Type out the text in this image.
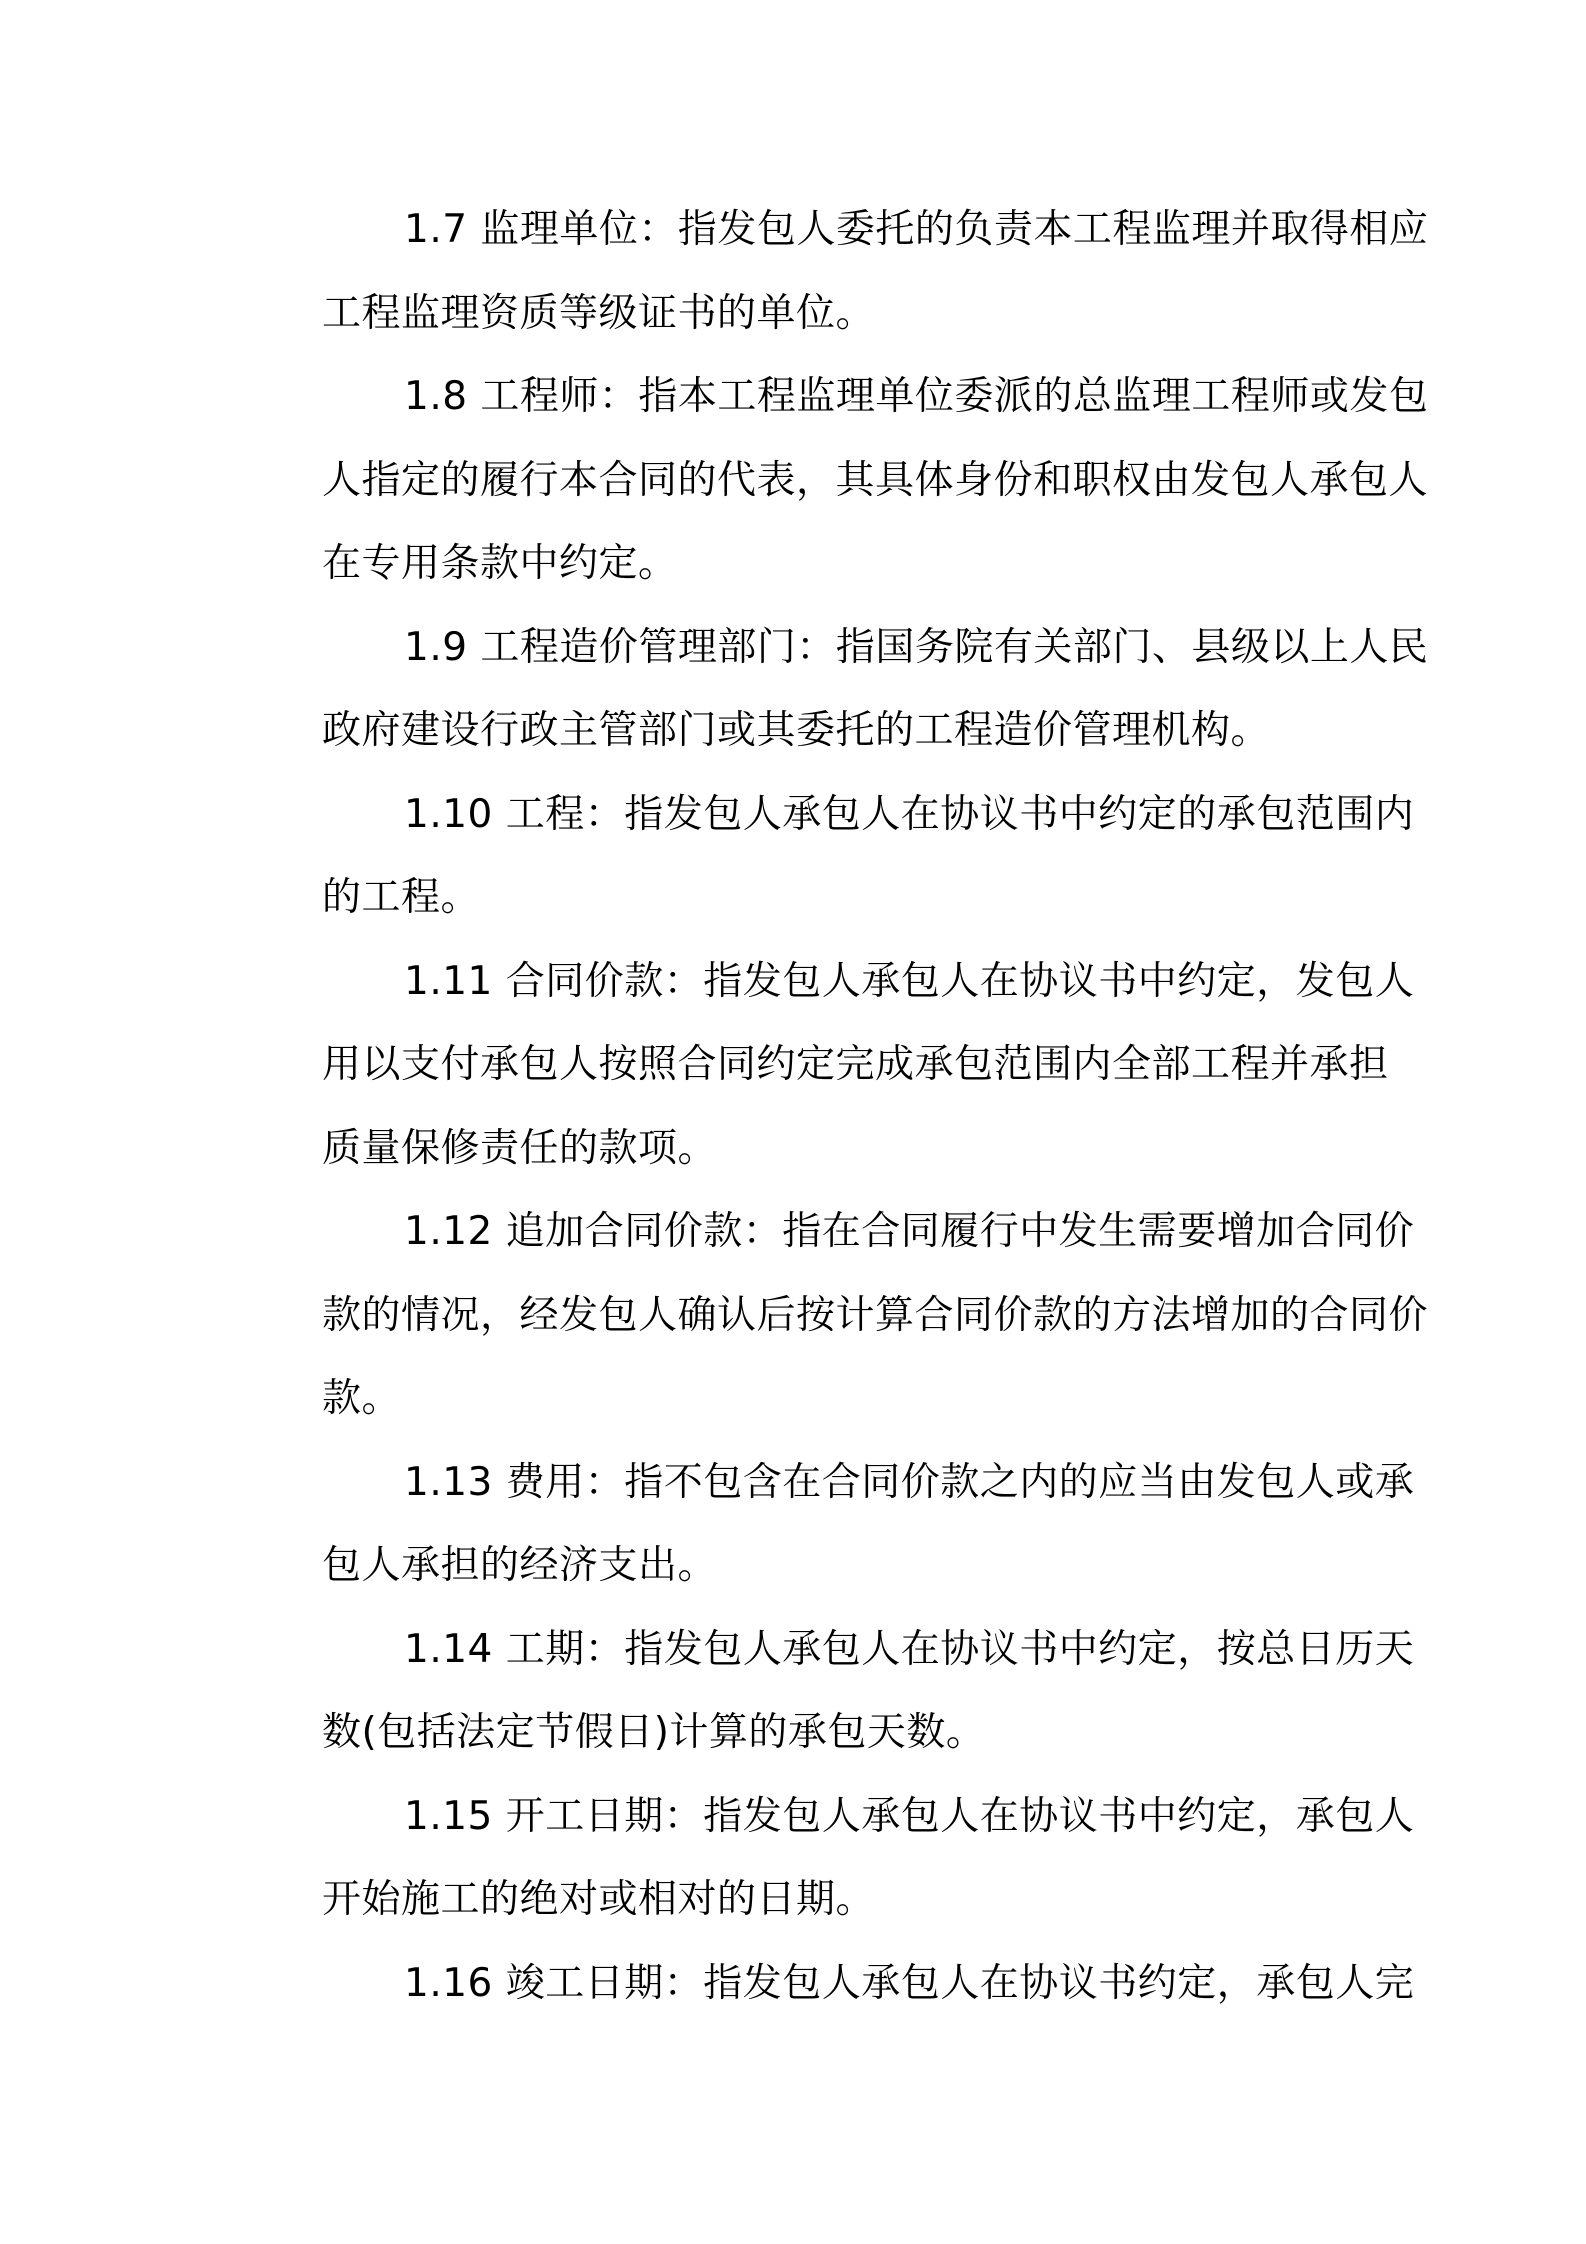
1.7 监理单位：指发包人委托的负责本工程监理并取得相应
工程监理资质等级证书的单位。
1.8 工程师：指本工程监理单位委派的总监理工程师或发包
人指定的履行本合同的代表，其具体身份和职权由发包人承包人
在专用条款中约定。
1.9 工程造价管理部门：指国务院有关部门、县级以上人民
政府建设行政主管部门或其委托的工程造价管理机构。
1.10 工程：指发包人承包人在协议书中约定的承包范围内
的工程。
1.11 合同价款：指发包人承包人在协议书中约定，发包人
用以支付承包人按照合同约定完成承包范围内全部工程并承担
质量保修责任的款项。
1.12 追加合同价款：指在合同履行中发生需要增加合同价
款的情况，经发包人确认后按计算合同价款的方法增加的合同价
款。
1.13 费用：指不包含在合同价款之内的应当由发包人或承
包人承担的经济支出。
1.14 工期：指发包人承包人在协议书中约定，按总日历天
数(包括法定节假日)计算的承包天数。
1.15 开工日期：指发包人承包人在协议书中约定，承包人
开始施工的绝对或相对的日期。
1.16 竣工日期：指发包人承包人在协议书约定，承包人完
